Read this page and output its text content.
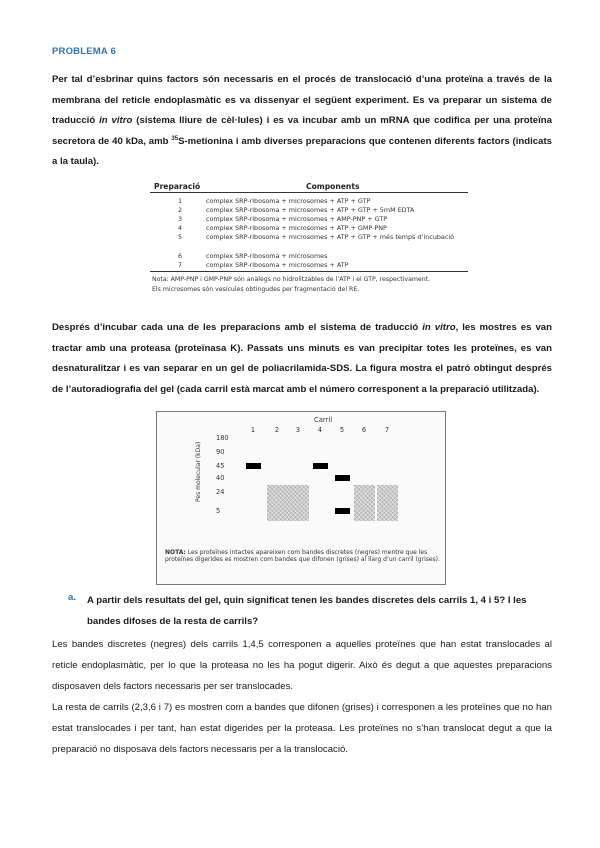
PROBLEMA 6
Per tal d’esbrinar quins factors són necessaris en el procés de translocació d’una proteïna a través de la membrana del reticle endoplasmàtic es va dissenyar el següent experiment. Es va preparar un sistema de traducció in vitro (sistema lliure de cèl·lules) i es va incubar amb un mRNA que codifica per una proteïna secretora de 40 kDa, amb $^{35}$S-metionina i amb diverses preparacions que contenen diferents factors (indicats a la taula).
Preparació	Components
1	complex SRP-ribosoma + microsomes + ATP + GTP
2	complex SRP-ribosoma + microsomes + ATP + GTP + 5mM EDTA
3	complex SRP-ribosoma + microsomes + AMP-PNP + GTP
4	complex SRP-ribosoma + microsomes + ATP + GMP-PNP
5	complex SRP-ribosoma + microsomes + ATP + GTP + més temps d’incubació
6	complex SRP-ribosoma + microsomes
7	complex SRP-ribosoma + microsomes + ATP
Nota: AMP-PNP i GMP-PNP són anàlegs no hidrolitzables de l’ATP i el GTP, respectivament.
Els microsomes són vesícules obtingudes per fragmentació del RE.
Després d’incubar cada una de les preparacions amb el sistema de traducció in vitro, les mostres es van tractar amb una proteasa (proteïnasa K). Passats uns minuts es van precipitar totes les proteïnes, es van desnaturalitzar i es van separar en un gel de poliacrilamida-SDS. La figura mostra el patró obtingut després de l’autoradiografia del gel (cada carril està marcat amb el número corresponent a la preparació utilitzada).
Carril
Pes molecular (kDa)
NOTA: Les proteïnes intactes apareixen com bandes discretes (negres) mentre que les proteïnes digerides es mostren com bandes que difonen (grises) al llarg d’un carril (grises).
1	2	3	4	5	6	7
180
90
45
40
24
5
a. A partir dels resultats del gel, quin significat tenen les bandes discretes dels carrils 1, 4 i 5? I les bandes difoses de la resta de carrils?
Les bandes discretes (negres) dels carrils 1,4,5 corresponen a aquelles proteïnes que han estat translocades al reticle endoplasmàtic, per lo que la proteasa no les ha pogut digerir. Això és degut a que aquestes preparacions disposaven dels factors necessaris per ser translocades.
La resta de carrils (2,3,6 i 7) es mostren com a bandes que difonen (grises) i corresponen a les proteïnes que no han estat translocades i per tant, han estat digerides per la proteasa. Les proteïnes no s’han translocat degut a que la preparació no disposava dels factors necessaris per a la translocació.
